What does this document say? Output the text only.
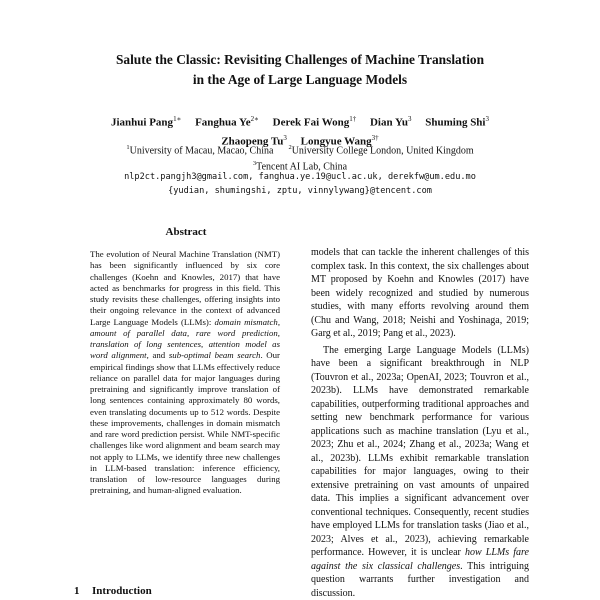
Salute the Classic: Revisiting Challenges of Machine Translation
in the Age of Large Language Models
Jianhui Pang$^{1∗}$ Fanghua $Ye^{2∗}$ Derek Fai Wong$^{1\dagger}$ Dian Yu$^3$ Shuming Shi$^3$
Zhaopeng Tu$^3$ Longyue Wang$^{3\dagger}$
$^1$University of Macau, Macao, China $^2$University College London, United Kingdom
$^3$Tencent AI Lab, China
nlp2ct.pangjh3@gmail.com, fanghua.ye.19@ucl.ac.uk, derekfw@um.edu.mo
{yudian, shumingshi, zptu, vinnylywang}@tencent.com
Abstract
The evolution of Neural Machine Translation (NMT) has been significantly influenced by six core challenges (Koehn and Knowles, 2017) that have acted as benchmarks for progress in this field. This study revisits these challenges, offering insights into their ongoing relevance in the context of advanced Large Language Models (LLMs): domain mismatch, amount of parallel data, rare word prediction, translation of long sentences, attention model as word alignment, and sub-optimal beam search. Our empirical findings show that LLMs effectively reduce reliance on parallel data for major languages during pretraining and significantly improve translation of long sentences containing approximately 80 words, even translating documents up to 512 words. Despite these improvements, challenges in domain mismatch and rare word prediction persist. While NMT-specific challenges like word alignment and beam search may not apply to LLMs, we identify three new challenges in LLM-based translation: inference efficiency, translation of low-resource languages during pretraining, and human-aligned evaluation.
1 Introduction

models that can tackle the inherent challenges of this complex task. In this context, the six challenges about MT proposed by Koehn and Knowles (2017) have been widely recognized and studied by numerous studies, with many efforts revolving around them (Chu and Wang, 2018; Neishi and Yoshinaga, 2019; Garg et al., 2019; Pang et al., 2023).

The emerging Large Language Models (LLMs) have been a significant breakthrough in NLP (Touvron et al., 2023a; OpenAI, 2023; Touvron et al., 2023b). LLMs have demonstrated remarkable capabilities, outperforming traditional approaches and setting new benchmark performance for various applications such as machine translation (Lyu et al., 2023; Zhu et al., 2024; Zhang et al., 2023a; Wang et al., 2023b). LLMs exhibit remarkable translation capabilities for major languages, owing to their extensive pretraining on vast amounts of unpaired data. This implies a significant advancement over conventional techniques. Consequently, recent studies have employed LLMs for translation tasks (Jiao et al., 2023; Alves et al., 2023), achieving remarkable performance. However, it is unclear how LLMs fare against the six classical challenges. This intriguing question warrants further investigation and discussion.
